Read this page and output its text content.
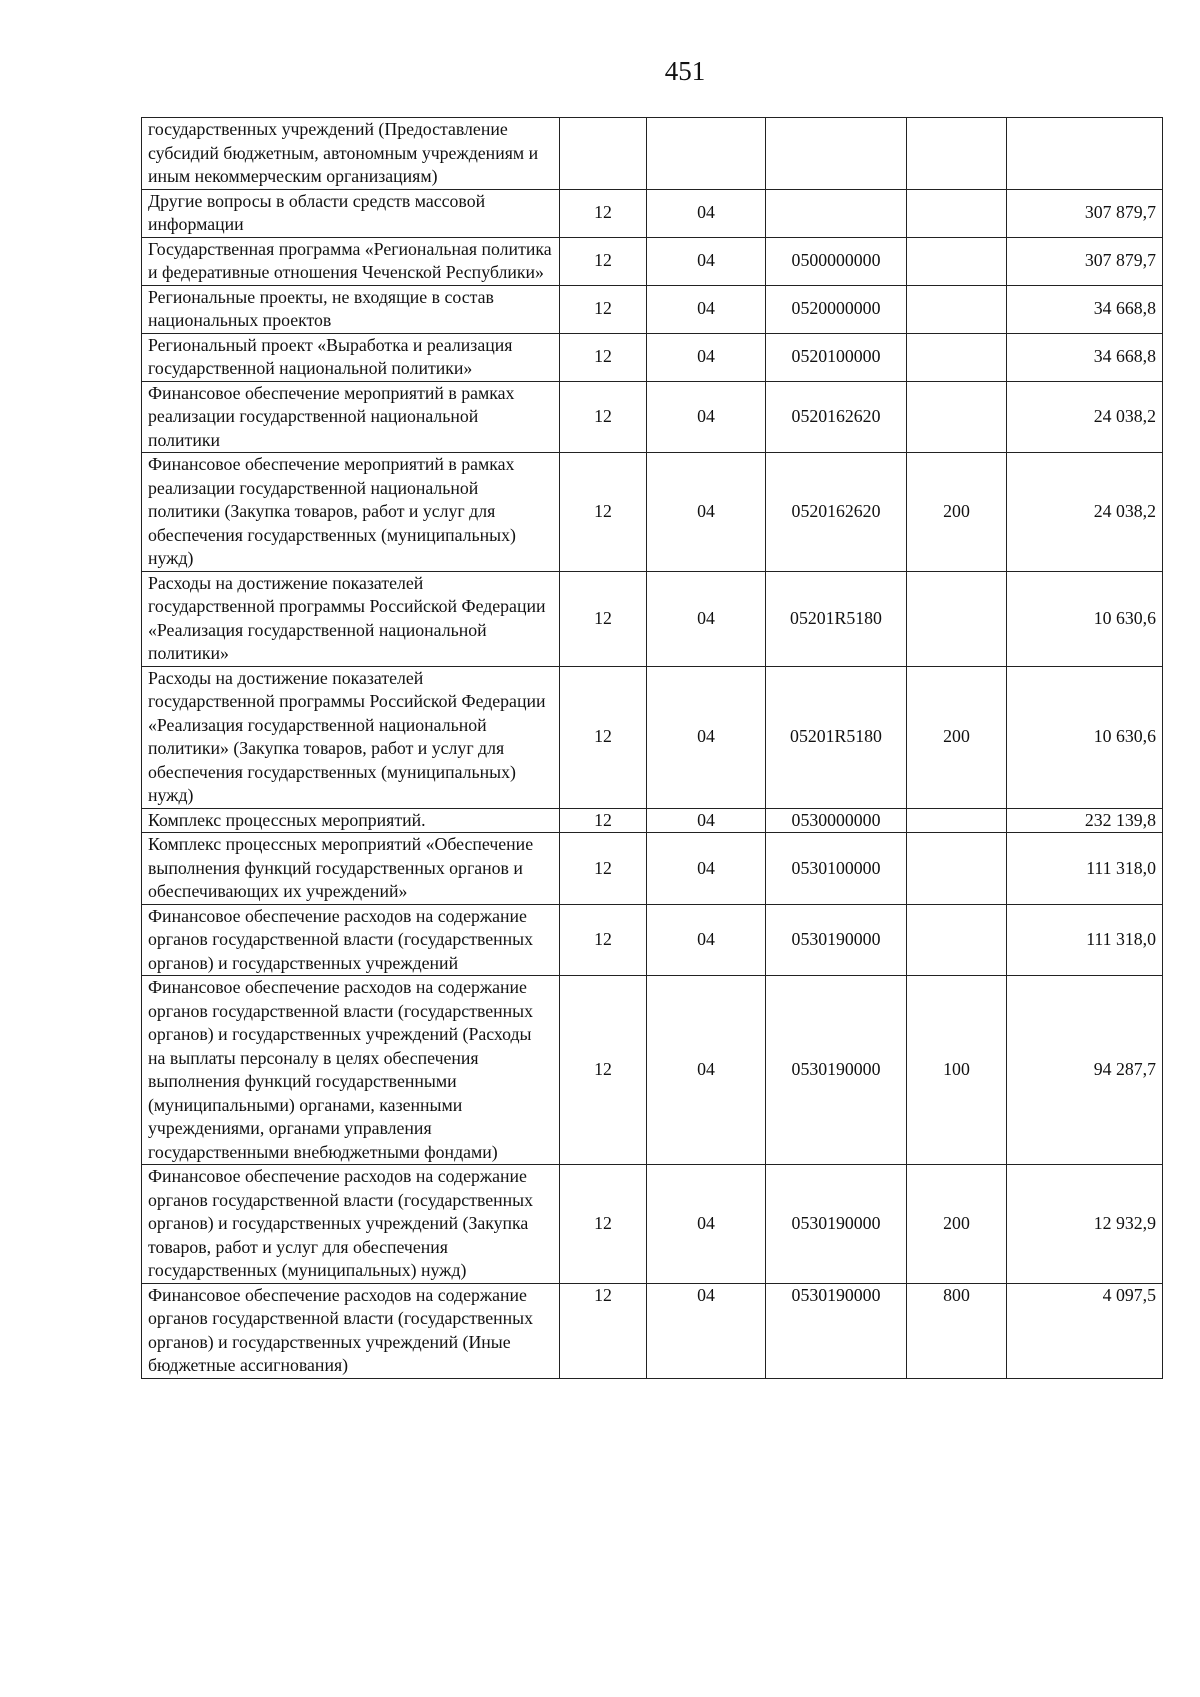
451
государственных учреждений (Предоставление субсидий бюджетным, автономным учреждениям и иным некоммерческим организациям)					
Другие вопросы в области средств массовой информации	12	04			307 879,7
Государственная программа «Региональная политика и федеративные отношения Чеченской Республики»	12	04	0500000000		307 879,7
Региональные проекты, не входящие в состав национальных проектов	12	04	0520000000		34 668,8
Региональный проект «Выработка и реализация государственной национальной политики»	12	04	0520100000		34 668,8
Финансовое обеспечение мероприятий в рамках реализации государственной национальной политики	12	04	0520162620		24 038,2
Финансовое обеспечение мероприятий в рамках реализации государственной национальной политики (Закупка товаров, работ и услуг для обеспечения государственных (муниципальных) нужд)	12	04	0520162620	200	24 038,2
Расходы на достижение показателей государственной программы Российской Федерации «Реализация государственной национальной политики»	12	04	05201R5180		10 630,6
Расходы на достижение показателей государственной программы Российской Федерации «Реализация государственной национальной политики» (Закупка товаров, работ и услуг для обеспечения государственных (муниципальных) нужд)	12	04	05201R5180	200	10 630,6
Комплекс процессных мероприятий.	12	04	0530000000		232 139,8
Комплекс процессных мероприятий «Обеспечение выполнения функций государственных органов и обеспечивающих их учреждений»	12	04	0530100000		111 318,0
Финансовое обеспечение расходов на содержание органов государственной власти (государственных органов) и государственных учреждений	12	04	0530190000		111 318,0
Финансовое обеспечение расходов на содержание органов государственной власти (государственных органов) и государственных учреждений (Расходы на выплаты персоналу в целях обеспечения выполнения функций государственными (муниципальными) органами, казенными учреждениями, органами управления государственными внебюджетными фондами)	12	04	0530190000	100	94 287,7
Финансовое обеспечение расходов на содержание органов государственной власти (государственных органов) и государственных учреждений (Закупка товаров, работ и услуг для обеспечения государственных (муниципальных) нужд)	12	04	0530190000	200	12 932,9
Финансовое обеспечение расходов на содержание органов государственной власти (государственных органов) и государственных учреждений (Иные бюджетные ассигнования)	12	04	0530190000	800	4 097,5
